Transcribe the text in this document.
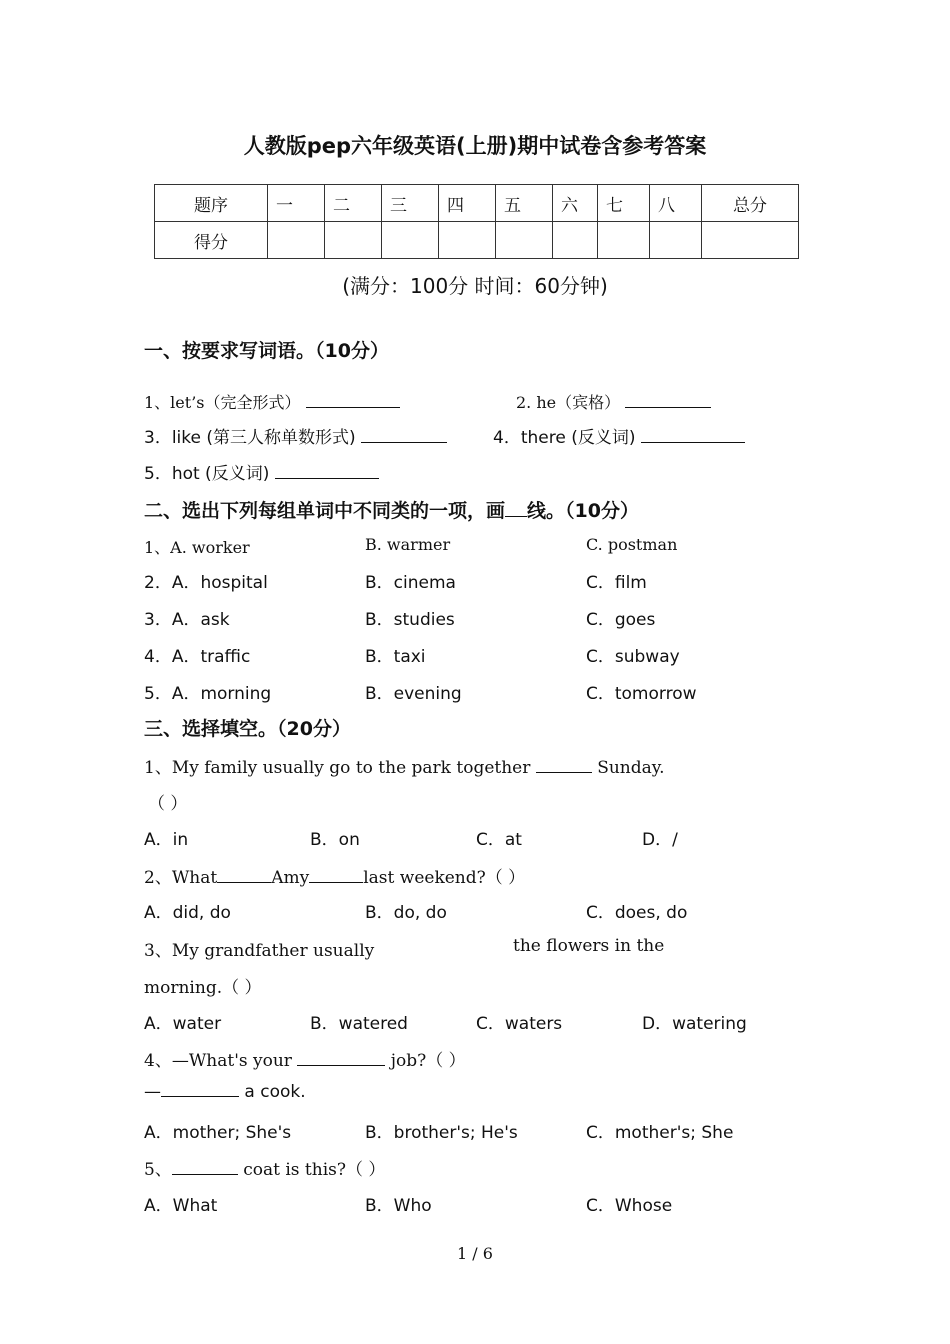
人教版pep六年级英语(上册)期中试卷含参考答案
题序	一	二	三	四	五	六	七	八	总分
得分									
(满分：100分 时间：60分钟)
一、按要求写词语。（10分）
1、let’s（完全形式）	2. he（宾格）
3．like (第三人称单数形式)	4．there (反义词)
5．hot (反义词)
二、选出下列每组单词中不同类的一项，画 线。（10分）
1、A. worker	B. warmer	C. postman
2．A．hospital	B．cinema	C．film
3．A．ask	B．studies	C．goes
4．A．traffic	B．taxi	C．subway
5．A．morning	B．evening	C．tomorrow
三、选择填空。（20分）
1、My family usually go to the park together	Sunday.
（ ）
A．in	B．on	C．at	D．/
2、What	Amy	last weekend?（ ）
A．did, do	B．do, do	C．does, do
3、My grandfather usually	the flowers in the
morning.（ ）
A．water	B．watered	C．waters	D．watering
4、—What's your	job?（ ）
—	a cook.
A．mother; She's	B．brother's; He's	C．mother's; She
5、	coat is this?（ ）
A．What	B．Who	C．Whose
1 / 6
